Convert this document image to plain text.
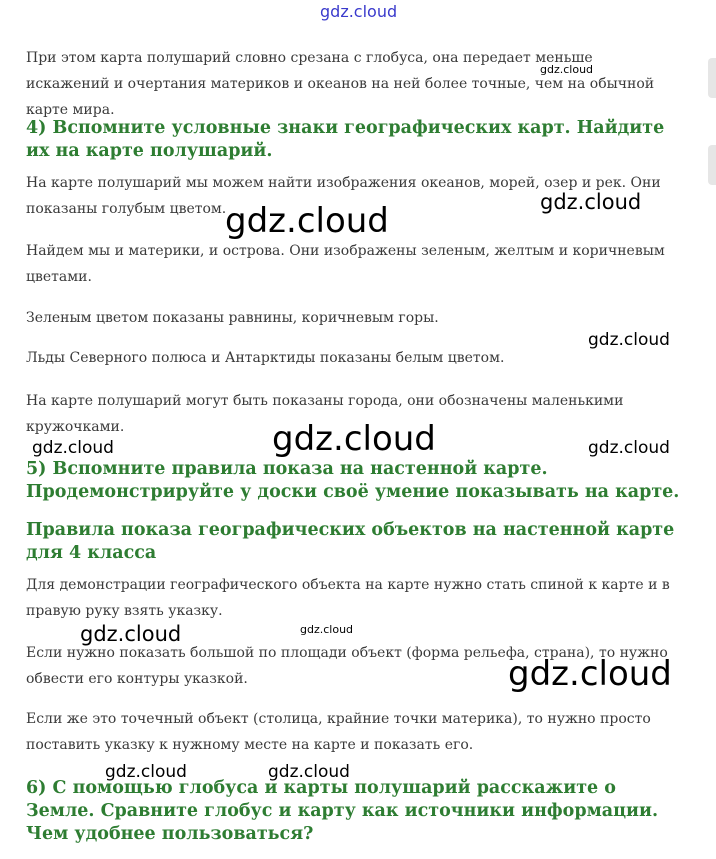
gdz.cloud

При этом карта полушарий словно срезана с глобуса, она передает меньше искажений и очертания материков и океанов на ней более точные, чем на обычной карте мира.

4) Вспомните условные знаки географических карт. Найдите их на карте полушарий.

На карте полушарий мы можем найти изображения океанов, морей, озер и рек. Они показаны голубым цветом.

Найдем мы и материки, и острова. Они изображены зеленым, желтым и коричневым цветами.

Зеленым цветом показаны равнины, коричневым горы.

Льды Северного полюса и Антарктиды показаны белым цветом.

На карте полушарий могут быть показаны города, они обозначены маленькими кружочками.

5) Вспомните правила показа на настенной карте. Продемонстрируйте у доски своё умение показывать на карте.
Правила показа географических объектов на настенной карте для 4 класса

Для демонстрации географического объекта на карте нужно стать спиной к карте и в правую руку взять указку.

Если нужно показать большой по площади объект (форма рельефа, страна), то нужно обвести его контуры указкой.

Если же это точечный объект (столица, крайние точки материка), то нужно просто поставить указку к нужному месте на карте и показать его.

6) С помощью глобуса и карты полушарий расскажите о Земле. Сравните глобус и карту как источники информации. Чем удобнее пользоваться?
gdz.cloud
gdz.cloud
gdz.cloud
gdz.cloud
gdz.cloud	gdz.cloud	gdz.cloud
gdz.cloud	gdz.cloud
gdz.cloud
gdz.cloud	gdz.cloud
